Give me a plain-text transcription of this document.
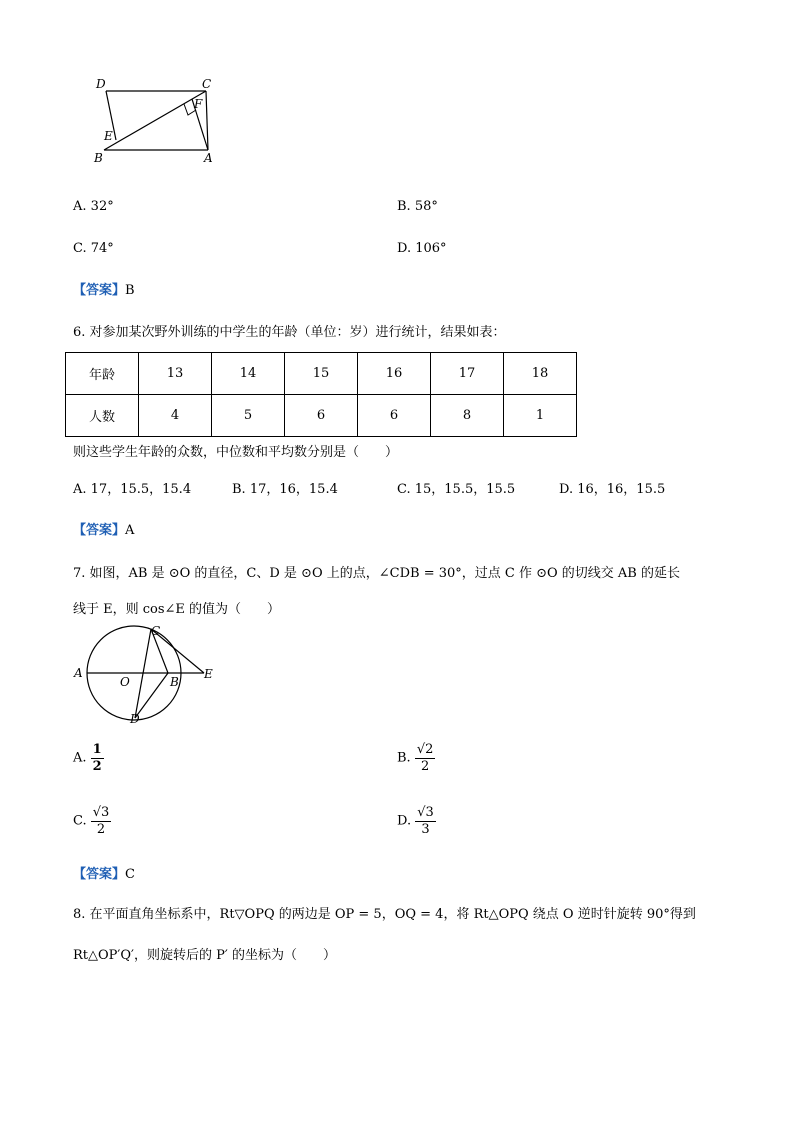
D	C
F
E
B	A
A. 32°	B. 58°
C. 74°	D. 106°
【答案】B
6. 对参加某次野外训练的中学生的年龄（单位：岁）进行统计，结果如表：
年龄	13	14	15	16	17	18
人数	4	5	6	6	8	1
则这些学生年龄的众数，中位数和平均数分别是（　　）
A. 17，15.5，15.4	B. 17，16，15.4	C. 15，15.5，15.5	D. 16，16，15.5
【答案】A
7. 如图，AB 是 ⊙O 的直径，C、D 是 ⊙O 上的点，∠CDB = 30°，过点 C 作 ⊙O 的切线交 AB 的延长
线于 E，则 cos∠E 的值为（　　）
A
O	B
C
D
E
A. $\frac{1}{2}$	B. $\frac{√2}{2}$
C. $\frac{√3}{2}$	D. $\frac{√3}{3}$
【答案】C
8. 在平面直角坐标系中，Rt▽OPQ 的两边是 OP = 5，OQ = 4，将 Rt△OPQ 绕点 O 逆时针旋转 90°得到
Rt△OP′Q′，则旋转后的 P′ 的坐标为（　　）
